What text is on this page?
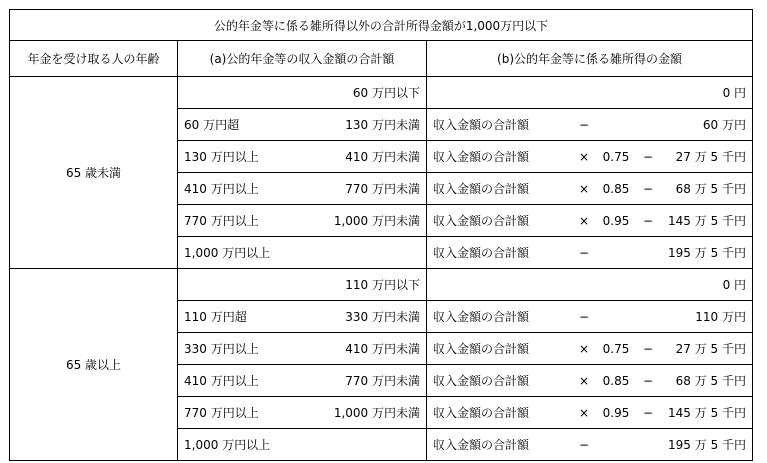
公的年金等に係る雑所得以外の合計所得金額が1,000万円以下		
年金を受け取る人の年齢	(a)公的年金等の収入金額の合計額	(b)公的年金等に係る雑所得の金額
65 歳未満	60 万円以下	0 円

	60 万円超 130 万円未満	収入金額の合計額 − 60 万円

	130 万円以上 410 万円未満	収入金額の合計額 × 0.75 − 27 万 5 千円

	410 万円以上 770 万円未満	収入金額の合計額 × 0.85 − 68 万 5 千円

	770 万円以上 1,000 万円未満	収入金額の合計額 × 0.95 − 145 万 5 千円

	1,000 万円以上	収入金額の合計額 − 195 万 5 千円

65 歳以上	110 万円以下	0 円

	110 万円超 330 万円未満	収入金額の合計額 − 110 万円

	330 万円以上 410 万円未満	収入金額の合計額 × 0.75 − 27 万 5 千円

	410 万円以上 770 万円未満	収入金額の合計額 × 0.85 − 68 万 5 千円

	770 万円以上 1,000 万円未満	収入金額の合計額 × 0.95 − 145 万 5 千円

	1,000 万円以上	収入金額の合計額 − 195 万 5 千円
